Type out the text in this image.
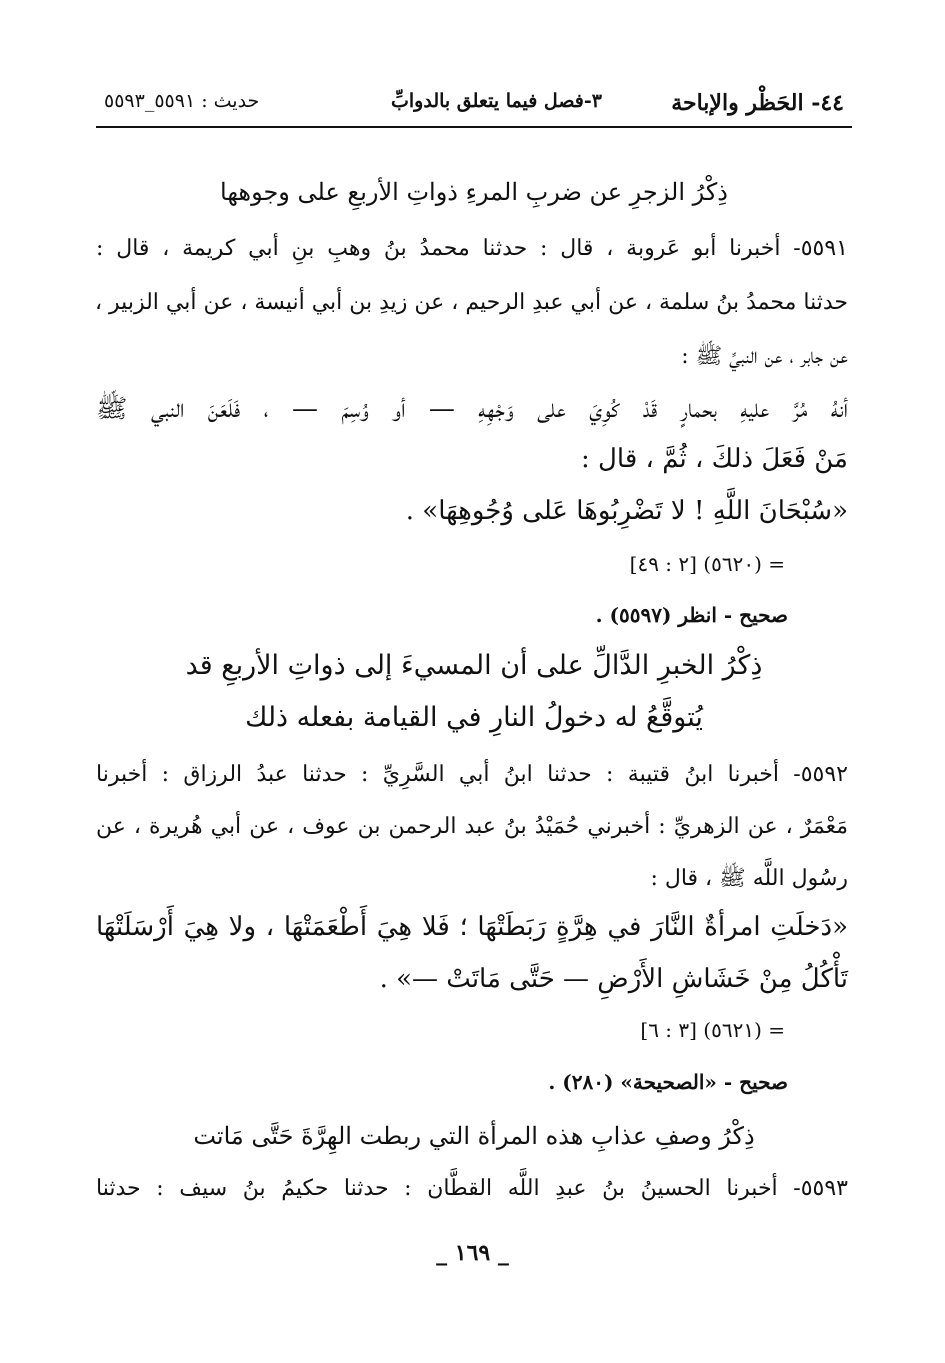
٤٤- الحَظْر والإباحة
٣-فصل فيما يتعلق بالدوابِّ
حديث : ٥٥٩١_٥٥٩٣
ذِكْرُ الزجرِ عن ضربِ المرءِ ذواتِ الأربعِ على وجوهها
٥٥٩١- أخبرنا أبو عَروبة ، قال : حدثنا محمدُ بنُ وهبِ بنِ أبي كريمة ، قال :
حدثنا محمدُ بنُ سلمة ، عن أبي عبدِ الرحيم ، عن زيدِ بن أبي أنيسة ، عن أبي الزبير ،
عن جابر ، عن النبيِّ ﷺ :
أنهُ مُرَّ عليهِ بحمارٍ قَدْ كُوِيَ على وَجْهِهِ — أو وُسِمَ — ، فَلَعَنَ النبي ﷺ
مَنْ فَعَلَ ذلكَ ، ثُمَّ ، قال :
«سُبْحَانَ اللَّهِ ! لا تَضْرِبُوهَا عَلى وُجُوهِهَا» .
= (٥٦٢٠) [٢ : ٤٩]
صحيح - انظر (٥٥٩٧) .
ذِكْرُ الخبرِ الدَّالِّ على أن المسيءَ إلى ذواتِ الأربعِ قد
يُتوقَّعُ له دخولُ النارِ في القيامة بفعله ذلك
٥٥٩٢- أخبرنا ابنُ قتيبة : حدثنا ابنُ أبي السَّرِيِّ : حدثنا عبدُ الرزاق : أخبرنا
مَعْمَرٌ ، عن الزهريِّ : أخبرني حُمَيْدُ بنُ عبد الرحمن بن عوف ، عن أبي هُريرة ، عن
رسُول اللَّه ﷺ ، قال :
«دَخلَتِ امرأةٌ النَّارَ في هِرَّةٍ رَبَطَتْهَا ؛ فَلا هِيَ أَطْعَمَتْهَا ، ولا هِيَ أَرْسَلَتْهَا
تَأْكُلُ مِنْ خَشَاشِ الأَرْضِ — حَتَّى مَاتَتْ —» .
= (٥٦٢١) [٣ : ٦]
صحيح - «الصحيحة» (٢٨٠) .
ذِكْرُ وصفِ عذابِ هذه المرأة التي ربطت الهِرَّةَ حَتَّى مَاتت
٥٥٩٣- أخبرنا الحسينُ بنُ عبدِ اللَّه القطَّان : حدثنا حكيمُ بنُ سيف : حدثنا
_ ١٦٩ _
